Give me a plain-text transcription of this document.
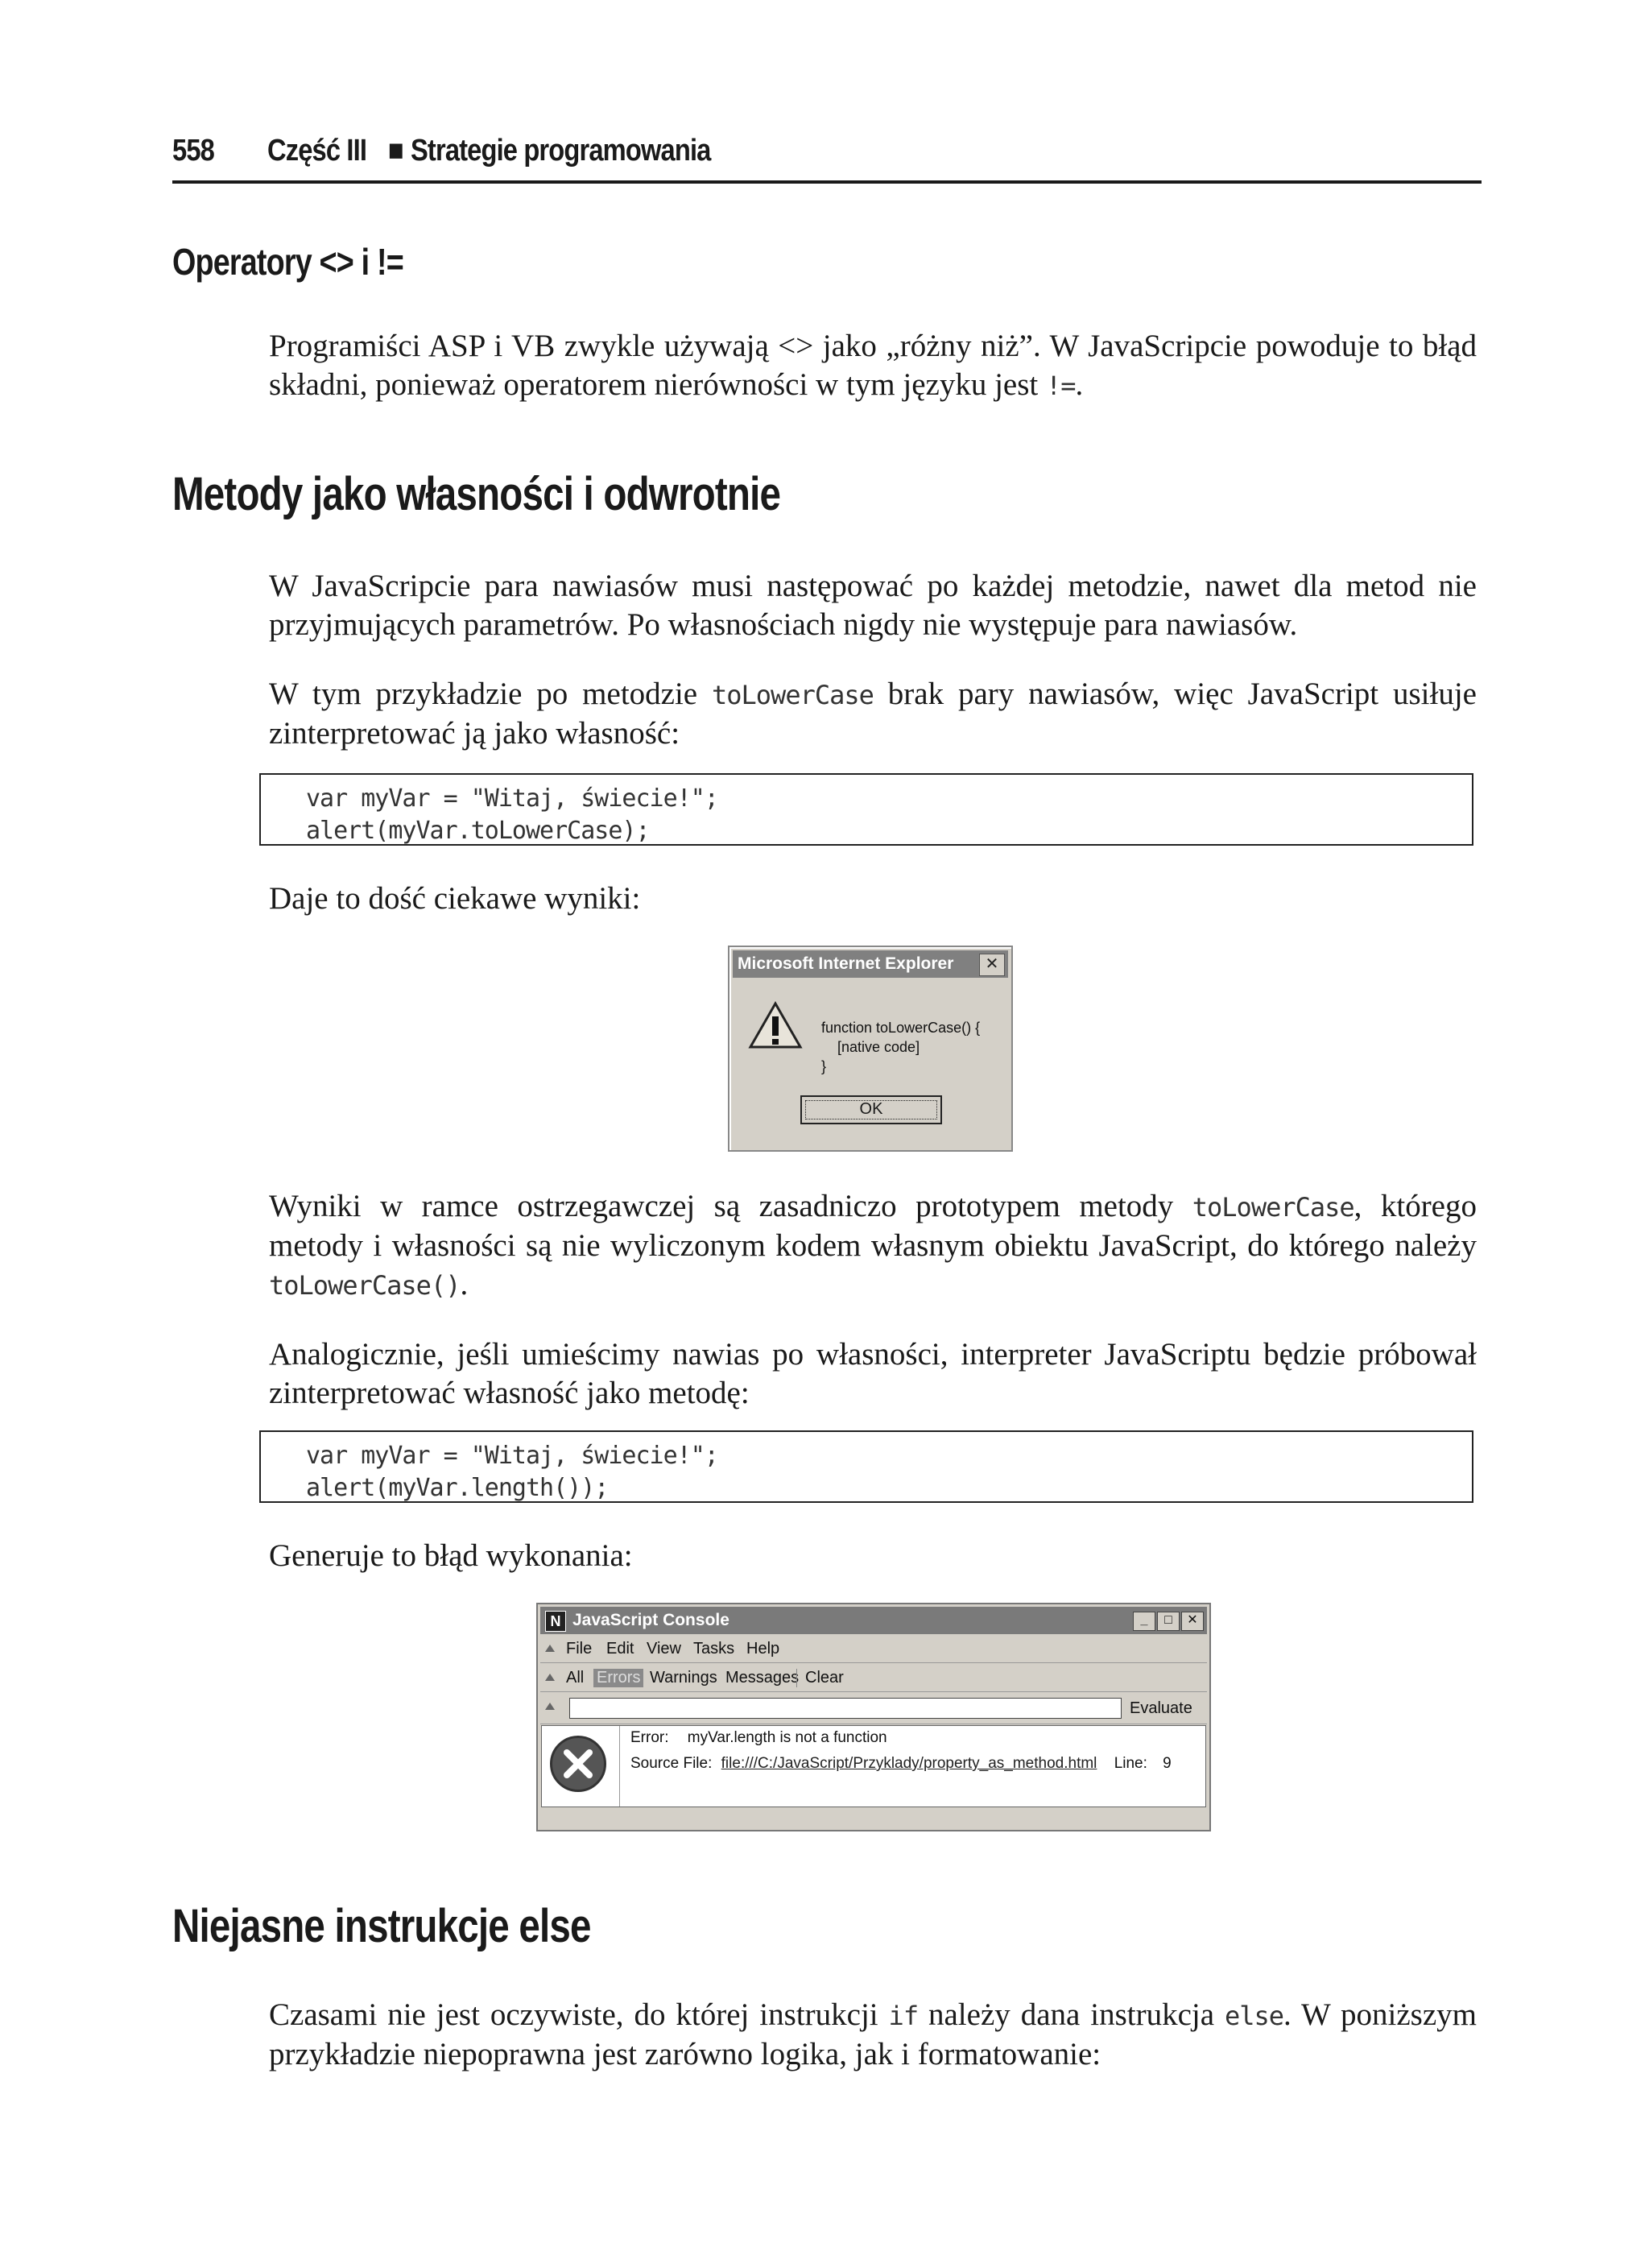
558 Część III ■ Strategie programowania
Operatory <> i !=
Programiści ASP i VB zwykle używają <> jako „różny niż”. W JavaScripcie powoduje to błąd składni, ponieważ operatorem nierówności w tym języku jest !=.
Metody jako własności i odwrotnie
W JavaScripcie para nawiasów musi następować po każdej metodzie, nawet dla metod nie przyjmujących parametrów. Po własnościach nigdy nie występuje para nawiasów.
W tym przykładzie po metodzie toLowerCase brak pary nawiasów, więc JavaScript usiłuje zinterpretować ją jako własność:
var myVar = "Witaj, świecie!";
alert(myVar.toLowerCase);
Daje to dość ciekawe wyniki:
Microsoft Internet Explorer	✕
function toLowerCase() {
[native code]
}
OK
Wyniki w ramce ostrzegawczej są zasadniczo prototypem metody toLowerCase, którego metody i własności są nie wyliczonym kodem własnym obiektu JavaScript, do którego należy toLowerCase().
Analogicznie, jeśli umieścimy nawias po własności, interpreter JavaScriptu będzie próbował zinterpretować własność jako metodę:
var myVar = "Witaj, świecie!";
alert(myVar.length());
Generuje to błąd wykonania:
N JavaScript Console	_	□	✕
File Edit View Tasks Help
All Errors Warnings Messages Clear
Evaluate
Error: myVar.length is not a function
Source File: file:///C:/JavaScript/Przyklady/property_as_method.html Line: 9
Niejasne instrukcje else
Czasami nie jest oczywiste, do której instrukcji if należy dana instrukcja else. W poniższym przykładzie niepoprawna jest zarówno logika, jak i formatowanie:
